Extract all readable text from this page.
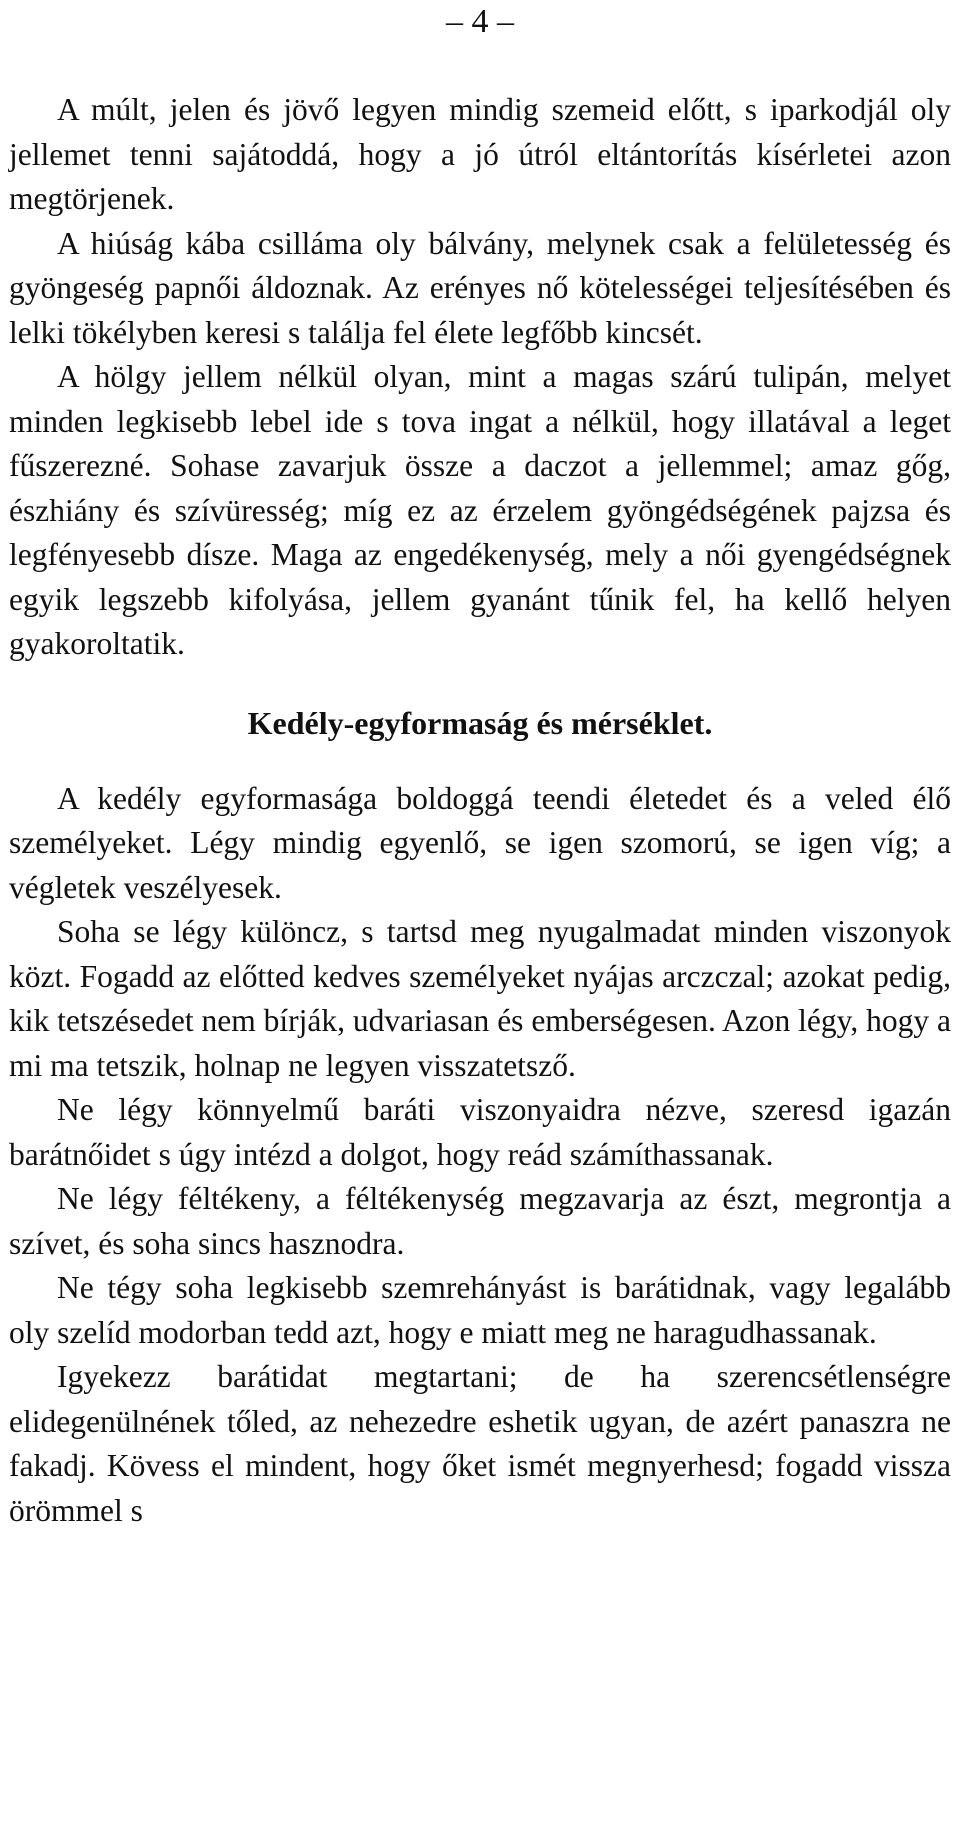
– 4 –

A múlt, jelen és jövő legyen mindig szemeid előtt, s iparkodjál oly jellemet tenni sajátoddá, hogy a jó útról eltántorítás kísérletei azon megtörjenek.

A hiúság kába csilláma oly bálvány, melynek csak a felületesség és gyöngeség papnői áldoznak. Az erényes nő kötelességei teljesítésében és lelki tökélyben keresi s találja fel élete legfőbb kincsét.

A hölgy jellem nélkül olyan, mint a magas szárú tulipán, melyet minden legkisebb lebel ide s tova ingat a nélkül, hogy illatával a leget fűszerezné. Sohase zavarjuk össze a daczot a jellemmel; amaz gőg, észhiány és szívüresség; míg ez az érzelem gyöngédségének pajzsa és legfényesebb dísze. Maga az engedékenység, mely a női gyengédségnek egyik legszebb kifolyása, jellem gyanánt tűnik fel, ha kellő helyen gyakoroltatik.

Kedély-egyformaság és mérséklet.

A kedély egyformasága boldoggá teendi életedet és a veled élő személyeket. Légy mindig egyenlő, se igen szomorú, se igen víg; a végletek veszélyesek.

Soha se légy különcz, s tartsd meg nyugalmadat minden viszonyok közt. Fogadd az előtted kedves személyeket nyájas arczczal; azokat pedig, kik tetszésedet nem bírják, udvariasan és emberségesen. Azon légy, hogy a mi ma tetszik, holnap ne legyen visszatetsző.

Ne légy könnyelmű baráti viszonyaidra nézve, szeresd igazán barátnőidet s úgy intézd a dolgot, hogy reád számíthassanak.

Ne légy féltékeny, a féltékenység megzavarja az észt, megrontja a szívet, és soha sincs hasznodra.

Ne tégy soha legkisebb szemrehányást is barátidnak, vagy legalább oly szelíd modorban tedd azt, hogy e miatt meg ne haragudhassanak.

Igyekezz barátidat megtartani; de ha szerencsétlenségre elidegenülnének tőled, az nehezedre eshetik ugyan, de azért panaszra ne fakadj. Kövess el mindent, hogy őket ismét megnyerhesd; fogadd vissza örömmel s
